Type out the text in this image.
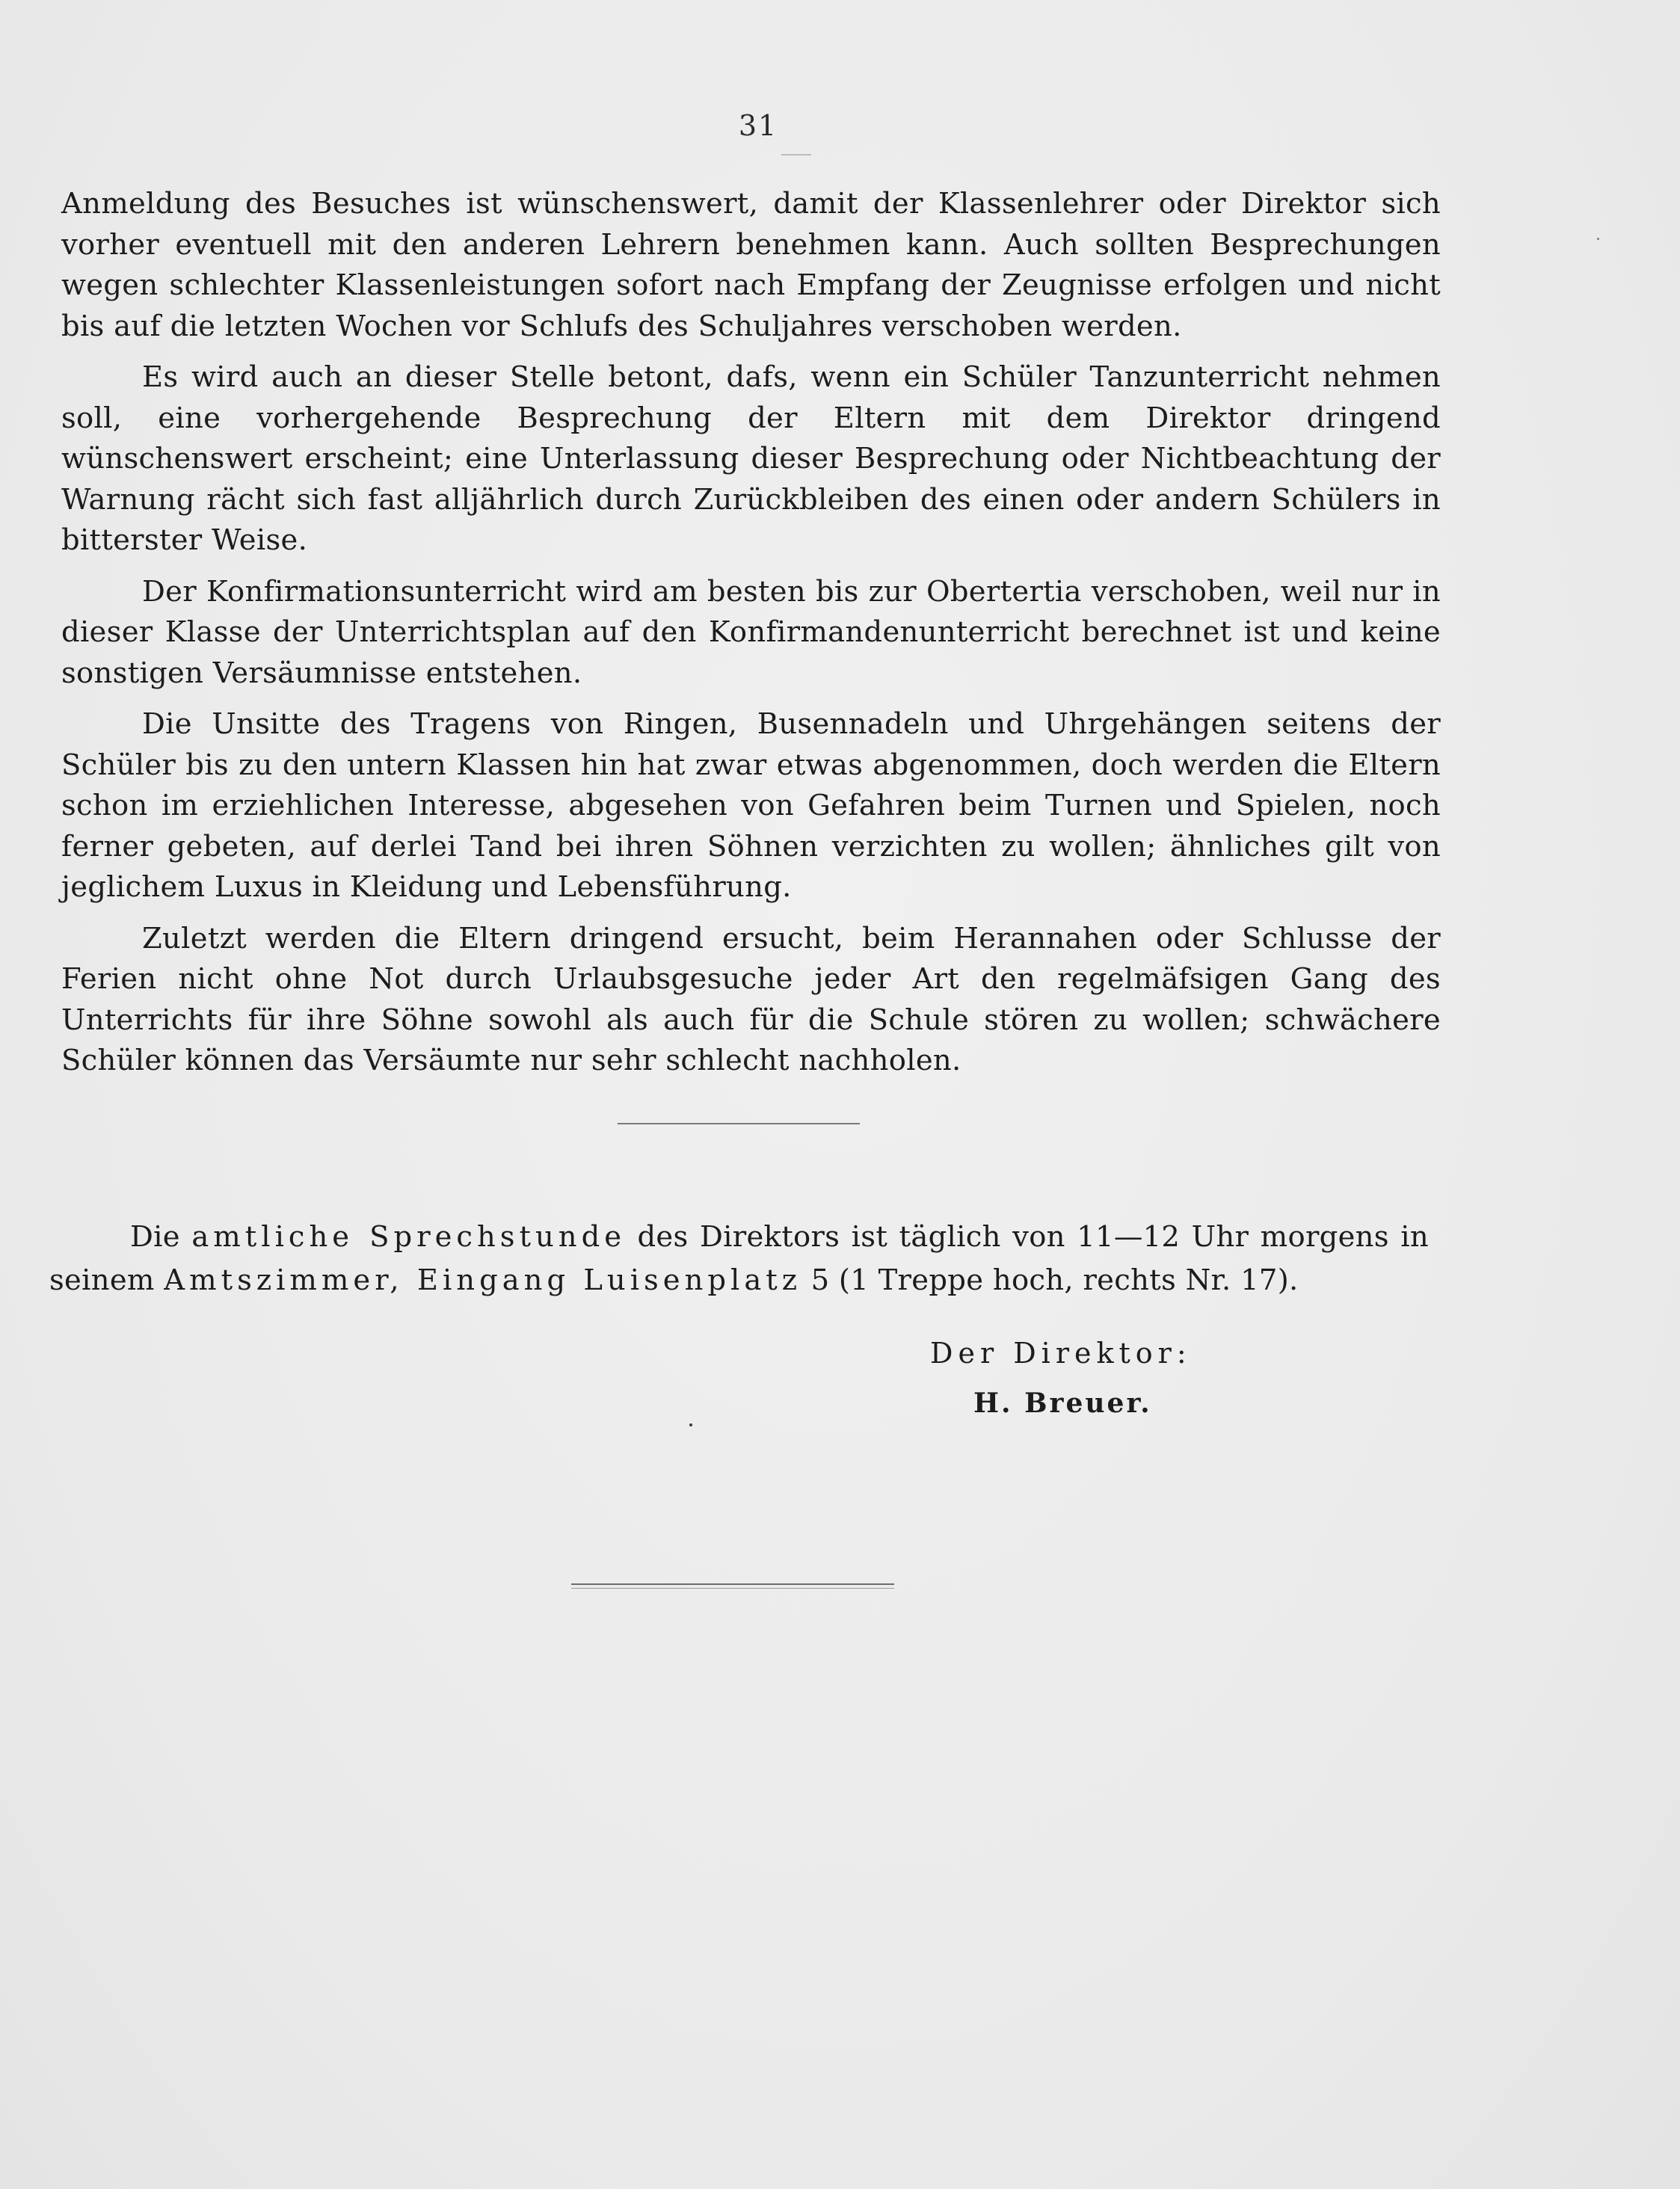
31

Anmeldung des Besuches ist wünschenswert, damit der Klassenlehrer oder Direktor sich vorher eventuell mit den anderen Lehrern benehmen kann. Auch sollten Besprechungen wegen schlechter Klassenleistungen sofort nach Empfang der Zeugnisse erfolgen und nicht bis auf die letzten Wochen vor Schlufs des Schuljahres verschoben werden.

Es wird auch an dieser Stelle betont, dafs, wenn ein Schüler Tanzunterricht nehmen soll, eine vorhergehende Besprechung der Eltern mit dem Direktor dringend wünschenswert erscheint; eine Unterlassung dieser Besprechung oder Nichtbeachtung der Warnung rächt sich fast alljährlich durch Zurückbleiben des einen oder andern Schülers in bitterster Weise.

Der Konfirmationsunterricht wird am besten bis zur Obertertia verschoben, weil nur in dieser Klasse der Unterrichtsplan auf den Konfirmandenunterricht berechnet ist und keine sonstigen Versäumnisse entstehen.

Die Unsitte des Tragens von Ringen, Busennadeln und Uhrgehängen seitens der Schüler bis zu den untern Klassen hin hat zwar etwas abgenommen, doch werden die Eltern schon im erziehlichen Interesse, abgesehen von Gefahren beim Turnen und Spielen, noch ferner gebeten, auf derlei Tand bei ihren Söhnen verzichten zu wollen; ähnliches gilt von jeglichem Luxus in Kleidung und Lebensführung.

Zuletzt werden die Eltern dringend ersucht, beim Herannahen oder Schlusse der Ferien nicht ohne Not durch Urlaubsgesuche jeder Art den regelmäfsigen Gang des Unterrichts für ihre Söhne sowohl als auch für die Schule stören zu wollen; schwächere Schüler können das Versäumte nur sehr schlecht nachholen.

Die amtliche Sprechstunde des Direktors ist täglich von 11—12 Uhr morgens in seinem Amtszimmer, Eingang Luisenplatz 5 (1 Treppe hoch, rechts Nr. 17).

Der Direktor:
H. Breuer.
